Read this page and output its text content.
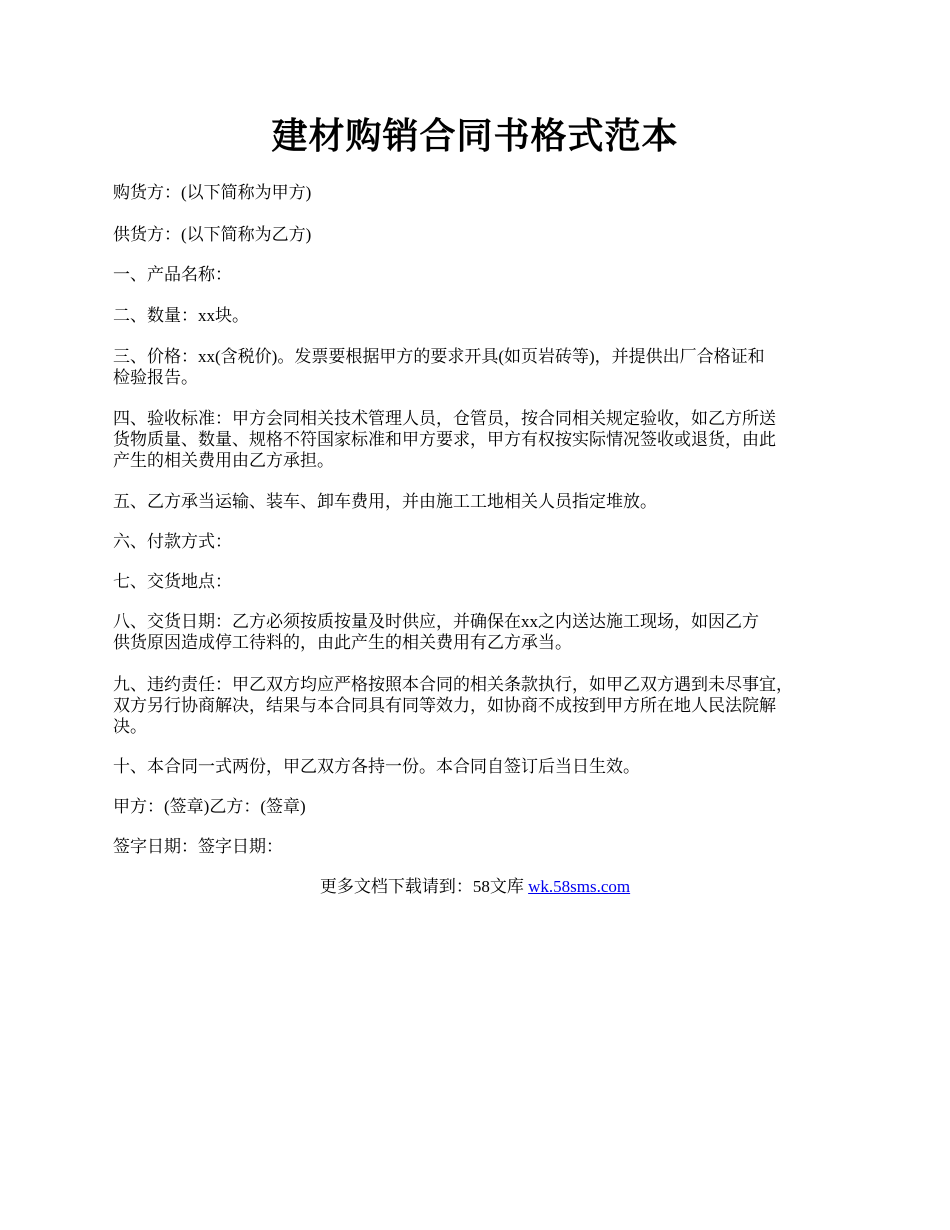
建材购销合同书格式范本

购货方：(以下简称为甲方)

供货方：(以下简称为乙方)

一、产品名称：

二、数量：xx块。

三、价格：xx(含税价)。发票要根据甲方的要求开具(如页岩砖等)，并提供出厂合格证和
检验报告。
四、验收标准：甲方会同相关技术管理人员，仓管员，按合同相关规定验收，如乙方所送
货物质量、数量、规格不符国家标准和甲方要求，甲方有权按实际情况签收或退货，由此
产生的相关费用由乙方承担。

五、乙方承当运输、装车、卸车费用，并由施工工地相关人员指定堆放。

六、付款方式：

七、交货地点：

八、交货日期：乙方必须按质按量及时供应，并确保在xx之内送达施工现场，如因乙方
供货原因造成停工待料的，由此产生的相关费用有乙方承当。
九、违约责任：甲乙双方均应严格按照本合同的相关条款执行，如甲乙双方遇到未尽事宜，
双方另行协商解决，结果与本合同具有同等效力，如协商不成按到甲方所在地人民法院解
决。

十、本合同一式两份，甲乙双方各持一份。本合同自签订后当日生效。

甲方：(签章)乙方：(签章)

签字日期：签字日期：

更多文档下载请到：58文库 wk.58sms.com
